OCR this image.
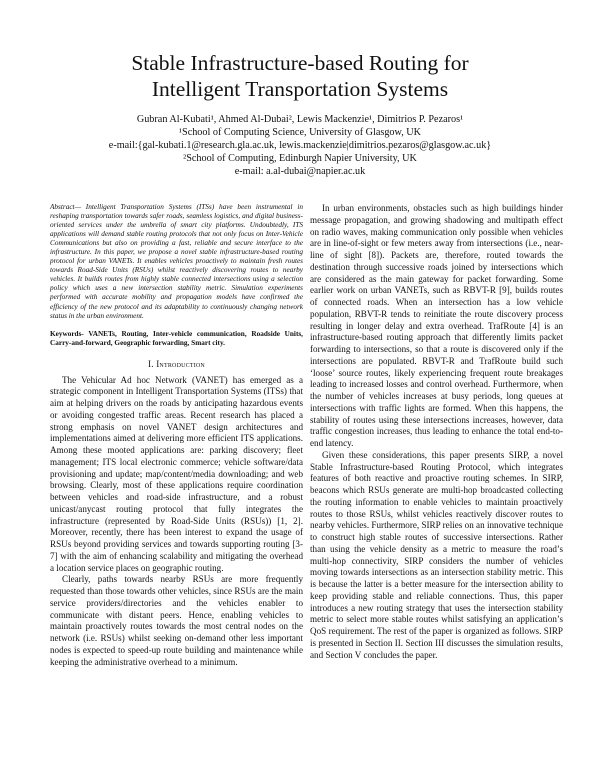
Stable Infrastructure-based Routing for
Intelligent Transportation Systems
Gubran Al-Kubati¹, Ahmed Al-Dubai², Lewis Mackenzie¹, Dimitrios P. Pezaros¹
¹School of Computing Science, University of Glasgow, UK
e-mail:{gal-kubati.1@research.gla.ac.uk, lewis.mackenzie|dimitrios.pezaros@glasgow.ac.uk}
²School of Computing, Edinburgh Napier University, UK
e-mail: a.al-dubai@napier.ac.uk
Abstract— Intelligent Transportation Systems (ITSs) have been instrumental in reshaping transportation towards safer roads, seamless logistics, and digital business-oriented services under the umbrella of smart city platforms. Undoubtedly, ITS applications will demand stable routing protocols that not only focus on Inter-Vehicle Communications but also on providing a fast, reliable and secure interface to the infrastructure. In this paper, we propose a novel stable infrastructure-based routing protocol for urban VANETs. It enables vehicles proactively to maintain fresh routes towards Road-Side Units (RSUs) whilst reactively discovering routes to nearby vehicles. It builds routes from highly stable connected intersections using a selection policy which uses a new intersection stability metric. Simulation experiments performed with accurate mobility and propagation models have confirmed the efficiency of the new protocol and its adaptability to continuously changing network status in the urban environment.
Keywords- VANETs, Routing, Inter-vehicle communication, Roadside Units, Carry-and-forward, Geographic forwarding, Smart city.
I. Introduction

The Vehicular Ad hoc Network (VANET) has emerged as a strategic component in Intelligent Transportation Systems (ITSs) that aim at helping drivers on the roads by anticipating hazardous events or avoiding congested traffic areas. Recent research has placed a strong emphasis on novel VANET design architectures and implementations aimed at delivering more efficient ITS applications. Among these mooted applications are: parking discovery; fleet management; ITS local electronic commerce; vehicle software/data provisioning and update; map/content/media downloading; and web browsing. Clearly, most of these applications require coordination between vehicles and road-side infrastructure, and a robust unicast/anycast routing protocol that fully integrates the infrastructure (represented by Road-Side Units (RSUs)) [1, 2]. Moreover, recently, there has been interest to expand the usage of RSUs beyond providing services and towards supporting routing [3-7] with the aim of enhancing scalability and mitigating the overhead a location service places on geographic routing.

Clearly, paths towards nearby RSUs are more frequently requested than those towards other vehicles, since RSUs are the main service providers/directories and the vehicles enabler to communicate with distant peers. Hence, enabling vehicles to maintain proactively routes towards the most central nodes on the network (i.e. RSUs) whilst seeking on-demand other less important nodes is expected to speed-up route building and maintenance while keeping the administrative overhead to a minimum.

In urban environments, obstacles such as high buildings hinder message propagation, and growing shadowing and multipath effect on radio waves, making communication only possible when vehicles are in line-of-sight or few meters away from intersections (i.e., near-line of sight [8]). Packets are, therefore, routed towards the destination through successive roads joined by intersections which are considered as the main gateway for packet forwarding. Some earlier work on urban VANETs, such as RBVT-R [9], builds routes of connected roads. When an intersection has a low vehicle population, RBVT-R tends to reinitiate the route discovery process resulting in longer delay and extra overhead. TrafRoute [4] is an infrastructure-based routing approach that differently limits packet forwarding to intersections, so that a route is discovered only if the intersections are populated. RBVT-R and TrafRoute build such ‘loose’ source routes, likely experiencing frequent route breakages leading to increased losses and control overhead. Furthermore, when the number of vehicles increases at busy periods, long queues at intersections with traffic lights are formed. When this happens, the stability of routes using these intersections increases, however, data traffic congestion increases, thus leading to enhance the total end-to-end latency.

Given these considerations, this paper presents SIRP, a novel Stable Infrastructure-based Routing Protocol, which integrates features of both reactive and proactive routing schemes. In SIRP, beacons which RSUs generate are multi-hop broadcasted collecting the routing information to enable vehicles to maintain proactively routes to those RSUs, whilst vehicles reactively discover routes to nearby vehicles. Furthermore, SIRP relies on an innovative technique to construct high stable routes of successive intersections. Rather than using the vehicle density as a metric to measure the road’s multi-hop connectivity, SIRP considers the number of vehicles moving towards intersections as an intersection stability metric. This is because the latter is a better measure for the intersection ability to keep providing stable and reliable connections. Thus, this paper introduces a new routing strategy that uses the intersection stability metric to select more stable routes whilst satisfying an application’s QoS requirement. The rest of the paper is organized as follows. SIRP is presented in Section II. Section III discusses the simulation results, and Section V concludes the paper.
